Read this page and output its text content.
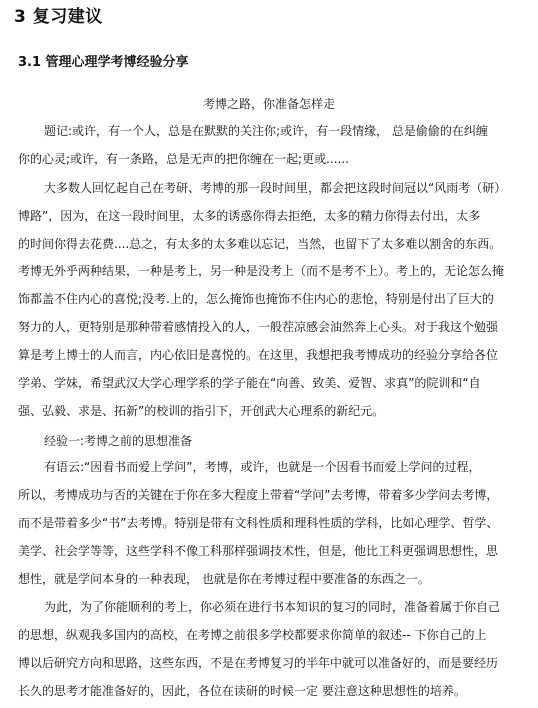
3 复习建议
3.1 管理心理学考博经验分享
考博之路，你准备怎样走
题记:或许，有一个人，总是在默默的关注你;或许，有一段情缘， 总是偷偷的在纠缠
你的心灵;或许，有一条路，总是无声的把你缠在一起;更或......
大多数人回忆起自己在考研、考博的那一段时间里，都会把这段时间冠以“风雨考（研）
博路”，因为，在这一段时间里，太多的诱惑你得去拒绝，太多的精力你得去付出，太多
的时间你得去花费....总之，有太多的太多难以忘记，当然，也留下了太多难以割舍的东西。
考博无外乎两种结果，一种是考上，另一种是没考上（而不是考不上）。考上的，无论怎么掩
饰都盖不住内心的喜悦;没考.上的，怎么掩饰也掩饰不住内心的悲怆，特别是付出了巨大的
努力的人，更特别是那种带着感情投入的人，一般茬凉感会油然奔上心头。对于我这个勉强
算是考上博士的人而言，内心依旧是喜悦的。在这里，我想把我考博成功的经验分享给各位
学弟、学妹，希望武汉大学心理学系的学子能在“向善、致美、爱智、求真”的院训和“自
强、弘毅、求是、拓新”的校训的指引下，开创武大心理系的新纪元。
经验一:考博之前的思想准备
有语云:“因看书而爱上学问”，考博，或许，也就是一个因看书而爱上学问的过程，
所以，考博成功与否的关键在于你在多大程度上带着“学问”去考博，带着多少学问去考博，
而不是带着多少“书”去考博。特别是带有文科性质和理科性质的学科，比如心理学、哲学、
美学、社会学等等，这些学科不像工科那样强调技术性，但是，他比工科更强调思想性，思
想性，就是学问本身的一种表现， 也就是你在考博过程中要准备的东西之一。
为此，为了你能顺利的考上，你必须在进行书本知识的复习的同时，准备着属于你自己
的思想，纵观我多国内的高校，在考博之前很多学校都要求你简单的叙述-- 下你自己的上
博以后研究方向和思路，这些东西，不是在考博复习的半年中就可以准备好的，而是要经历
长久的思考才能准备好的，因此，各位在读研的时候一定 要注意这种思想性的培养。
